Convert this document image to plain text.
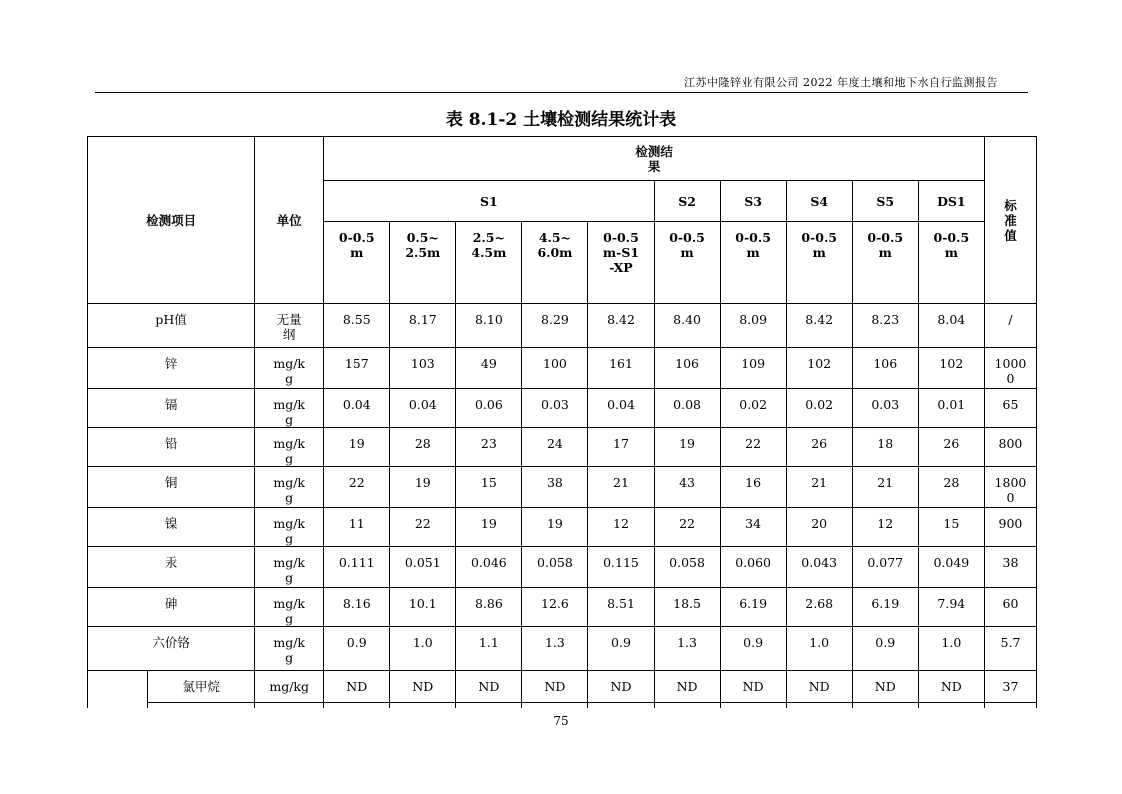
江苏中隆锌业有限公司 2022 年度土壤和地下水自行监测报告
表 8.1-2 土壤检测结果统计表
检测项目		单位	检测结果										标准值
			S1					S2	S3	S4	S5	DS1	
			0-0.5m	0.5~2.5m	2.5~4.5m	4.5~6.0m	0-0.5m-S1-XP	0-0.5m	0-0.5m	0-0.5m	0-0.5m	0-0.5m	
pH值		无量纲	8.55	8.17	8.10	8.29	8.42	8.40	8.09	8.42	8.23	8.04	/
锌		mg/kg	157	103	49	100	161	106	109	102	106	102	10000
镉		mg/kg	0.04	0.04	0.06	0.03	0.04	0.08	0.02	0.02	0.03	0.01	65
铅		mg/kg	19	28	23	24	17	19	22	26	18	26	800
铜		mg/kg	22	19	15	38	21	43	16	21	21	28	18000
镍		mg/kg	11	22	19	19	12	22	34	20	12	15	900
汞		mg/kg	0.111	0.051	0.046	0.058	0.115	0.058	0.060	0.043	0.077	0.049	38
砷		mg/kg	8.16	10.1	8.86	12.6	8.51	18.5	6.19	2.68	6.19	7.94	60
六价铬		mg/kg	0.9	1.0	1.1	1.3	0.9	1.3	0.9	1.0	0.9	1.0	5.7
	氯甲烷	mg/kg	ND	ND	ND	ND	ND	ND	ND	ND	ND	ND	37

75
